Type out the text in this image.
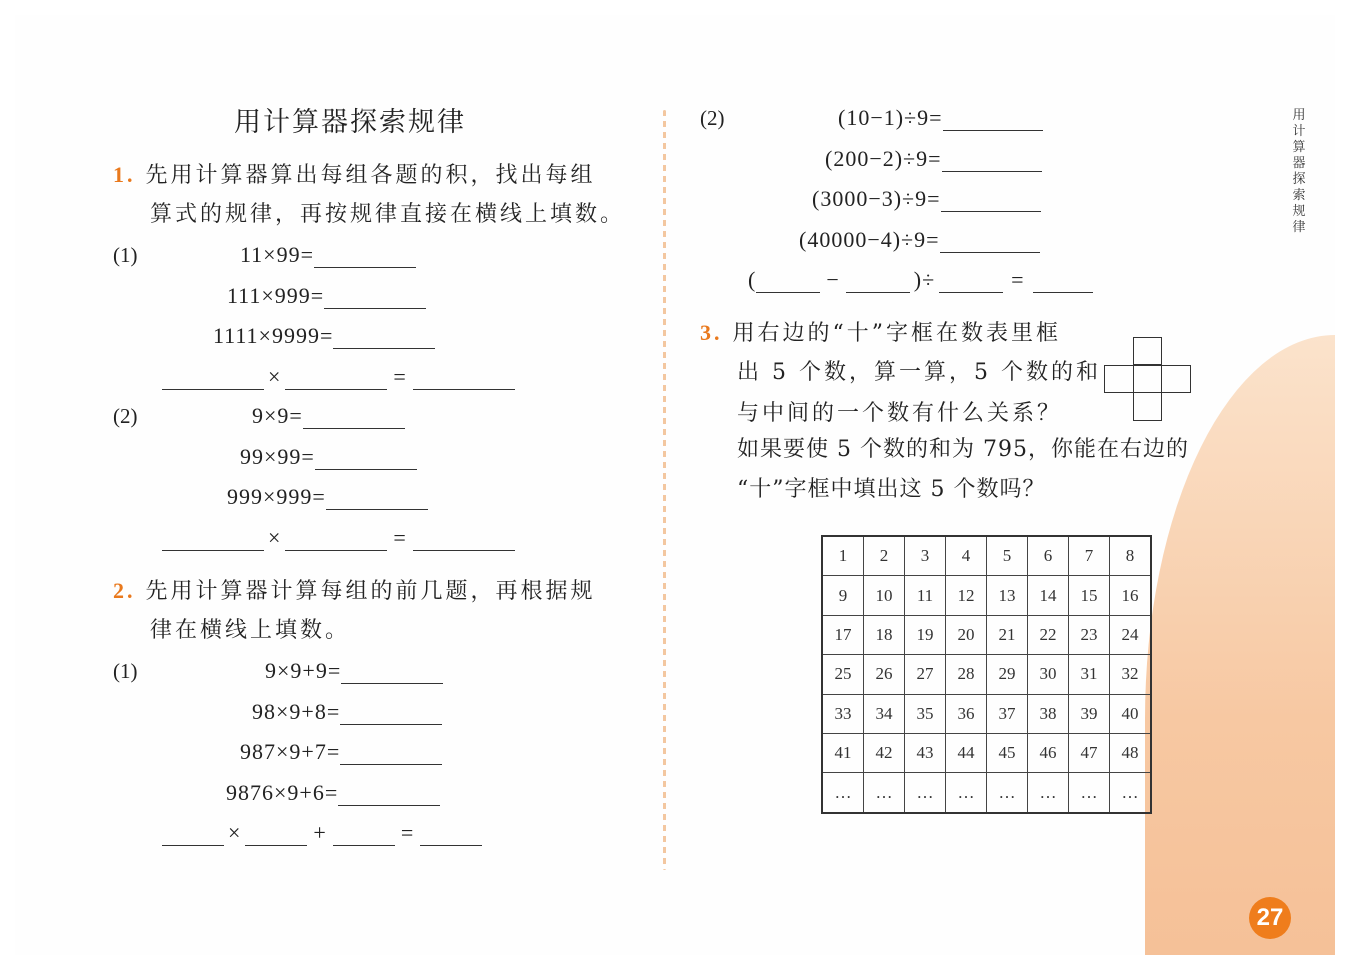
用计算器探索规律
1. 先用计算器算出每组各题的积，找出每组
算式的规律，再按规律直接在横线上填数。
(1)	11×99=
111×999=
1111×9999=
×	=
(2)	9×9=
99×99=
999×999=
×	=
2. 先用计算器计算每组的前几题，再根据规
律在横线上填数。
(1)	9×9+9=
98×9+8=
987×9+7=
9876×9+6=
×	+	=
(2)	(10−1)÷9=
(200−2)÷9=
(3000−3)÷9=
(40000−4)÷9=
(	−	)÷	=
3. 用右边的“十”字框在数表里框
出 5 个数，算一算，5 个数的和
与中间的一个数有什么关系？
如果要使 5 个数的和为 795，你能在右边的
“十”字框中填出这 5 个数吗？
1	2	3	4	5	6	7	8
9	10	11	12	13	14	15	16
17	18	19	20	21	22	23	24
25	26	27	28	29	30	31	32
33	34	35	36	37	38	39	40
41	42	43	44	45	46	47	48
…	…	…	…	…	…	…	…
用
计
算
器
探
索
规
律
27
